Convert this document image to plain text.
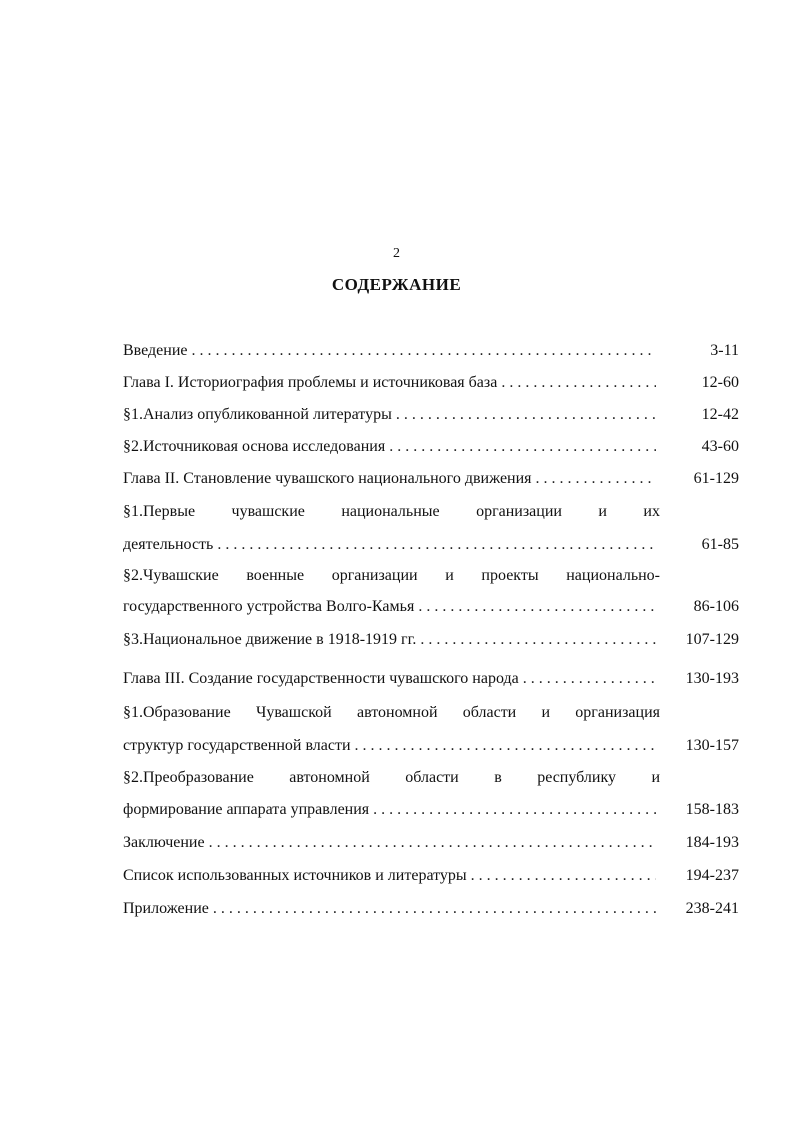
2
СОДЕРЖАНИЕ
Введение . . .	3-11
Глава I. Историография проблемы и источниковая база . . .	12-60
§1.Анализ опубликованной литературы . . .	12-42
§2.Источниковая основа исследования . . .	43-60
Глава II. Становление чувашского национального движения . . .	61-129
§1.Первые чувашские национальные организации и их
деятельность . . .	61-85
§2.Чувашские военные организации и проекты национально-
государственного устройства Волго-Камья . . .	86-106
§3.Национальное движение в 1918-1919 гг. . . .	107-129
Глава III. Создание государственности чувашского народа . . .	130-193
§1.Образование Чувашской автономной области и организация
структур государственной власти . . .	130-157
§2.Преобразование автономной области в республику и
формирование аппарата управления . . .	158-183
Заключение . . .	184-193
Список использованных источников и литературы . . .	194-237
Приложение . . .	238-241
